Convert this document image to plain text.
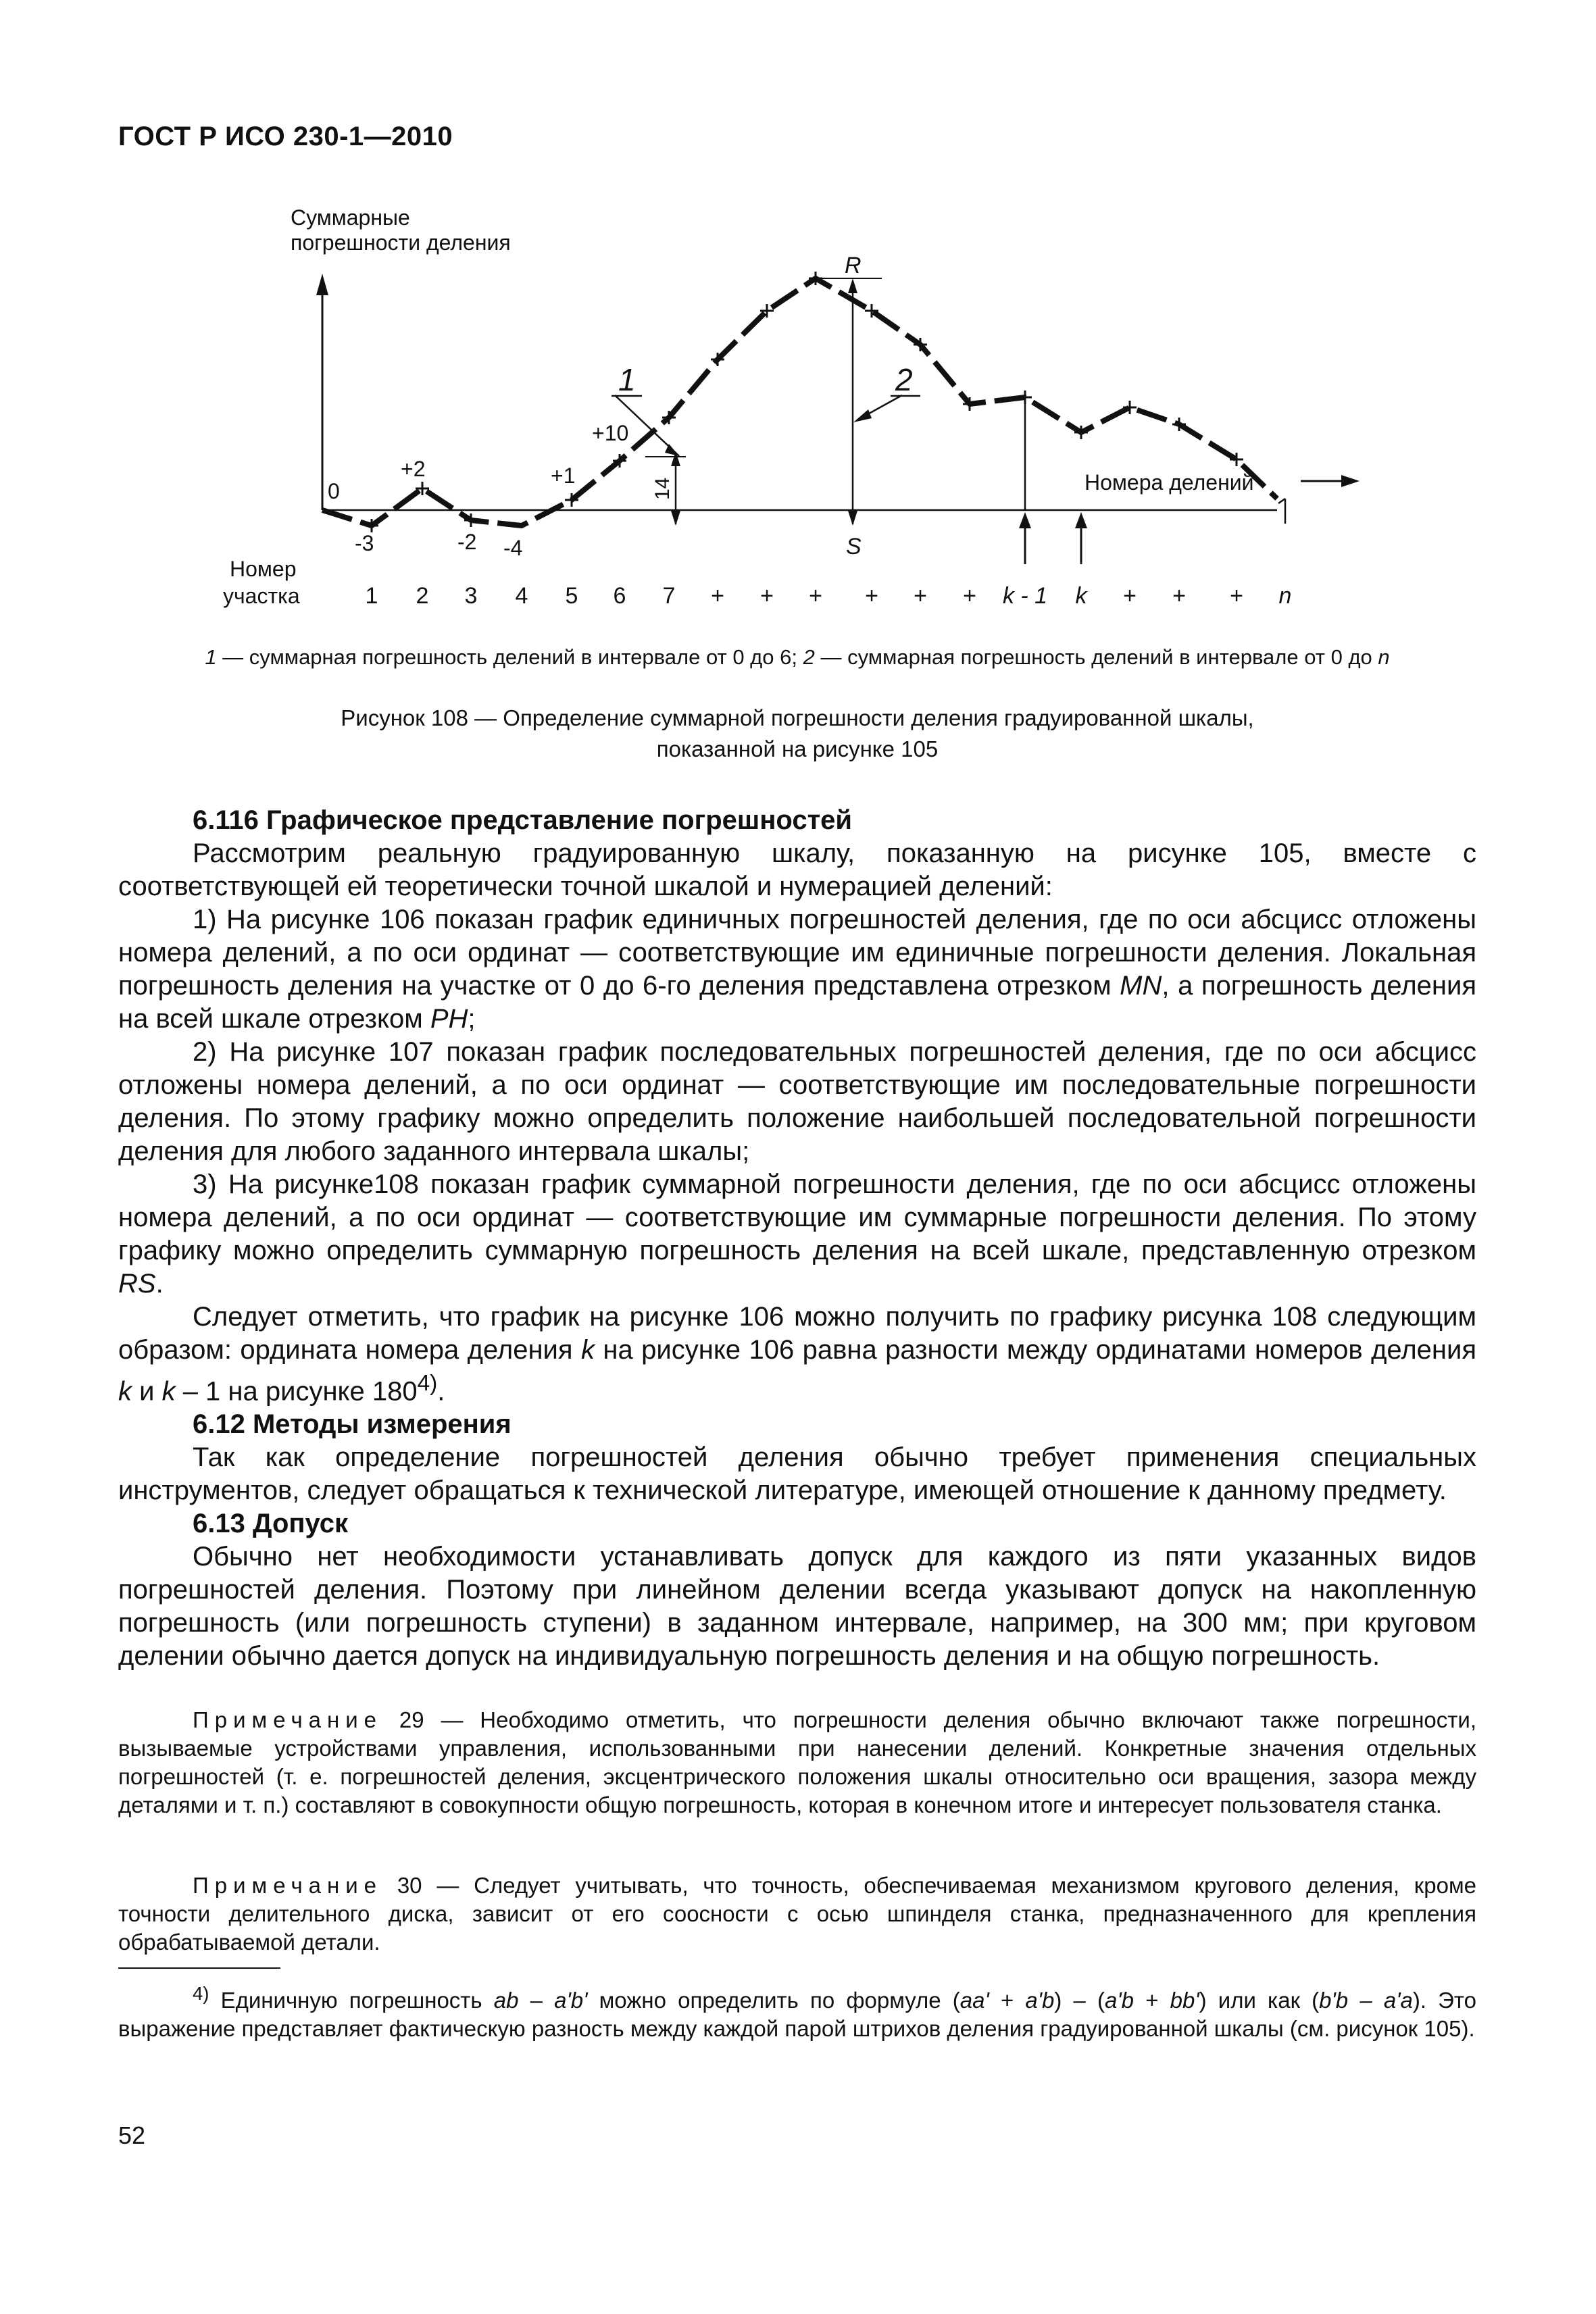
ГОСТ Р ИСО 230-1—2010
Суммарные
погрешности деления
Номера делений
Номер
участка
0
-3
+2
-2 -4
+1
+10
14
1	2
R
S
1 2 3 4 5 6 7 + + + + + + k - 1 k + + + n
1 — суммарная погрешность делений в интервале от 0 до 6; 2 — суммарная погрешность делений в интервале от 0 до n
Рисунок 108 — Определение суммарной погрешности деления градуированной шкалы,
показанной на рисунке 105

6.116 Графическое представление погрешностей

Рассмотрим реальную градуированную шкалу, показанную на рисунке 105, вместе с соответствующей ей теоретически точной шкалой и нумерацией делений:

1) На рисунке 106 показан график единичных погрешностей деления, где по оси абсцисс отложены номера делений, а по оси ординат — соответствующие им единичные погрешности деления. Локальная погрешность деления на участке от 0 до 6-го деления представлена отрезком MN, а погрешность деления на всей шкале отрезком PH;

2) На рисунке 107 показан график последовательных погрешностей деления, где по оси абсцисс отложены номера делений, а по оси ординат — соответствующие им последовательные погрешности деления. По этому графику можно определить положение наибольшей последовательной погрешности деления для любого заданного интервала шкалы;

3) На рисунке108 показан график суммарной погрешности деления, где по оси абсцисс отложены номера делений, а по оси ординат — соответствующие им суммарные погрешности деления. По этому графику можно определить суммарную погрешность деления на всей шкале, представленную отрезком RS.

Следует отметить, что график на рисунке 106 можно получить по графику рисунка 108 следующим образом: ордината номера деления k на рисунке 106 равна разности между ординатами номеров деления k и k – 1 на рисунке 180$^{4)}$.

6.12 Методы измерения

Так как определение погрешностей деления обычно требует применения специальных инструментов, следует обращаться к технической литературе, имеющей отношение к данному предмету.

6.13 Допуск

Обычно нет необходимости устанавливать допуск для каждого из пяти указанных видов погрешностей деления. Поэтому при линейном делении всегда указывают допуск на накопленную погрешность (или погрешность ступени) в заданном интервале, например, на 300 мм; при круговом делении обычно дается допуск на индивидуальную погрешность деления и на общую погрешность.

Примечание 29 — Необходимо отметить, что погрешности деления обычно включают также погрешности, вызываемые устройствами управления, использованными при нанесении делений. Конкретные значения отдельных погрешностей (т. е. погрешностей деления, эксцентрического положения шкалы относительно оси вращения, зазора между деталями и т. п.) составляют в совокупности общую погрешность, которая в конечном итоге и интересует пользователя станка.
Примечание 30 — Следует учитывать, что точность, обеспечиваемая механизмом кругового деления, кроме точности делительного диска, зависит от его соосности с осью шпинделя станка, предназначенного для крепления обрабатываемой детали.
$^{4)}$ Единичную погрешность ab – a'b' можно определить по формуле (aa' + a'b) – (a'b + bb') или как (b'b – a'a). Это выражение представляет фактическую разность между каждой парой штрихов деления градуированной шкалы (см. рисунок 105).
52
